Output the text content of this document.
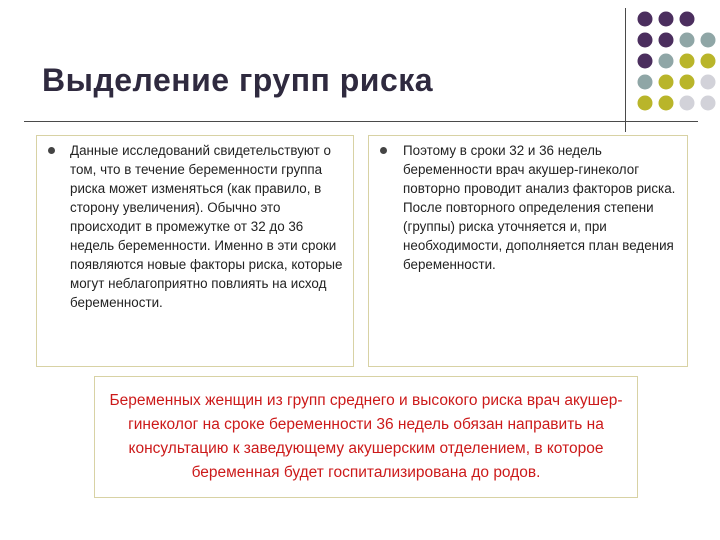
Выделение групп риска

Данные исследований свидетельствуют о том, что в течение беременности группа риска может изменяться (как правило, в сторону увеличения). Обычно это происходит в промежутке от 32 до 36 недель беременности. Именно в эти сроки появляются новые факторы риска, которые могут неблагоприятно повлиять на исход беременности.

Поэтому в сроки 32 и 36 недель беременности врач акушер-гинеколог повторно проводит анализ факторов риска. После повторного определения степени (группы) риска уточняется и, при необходимости, дополняется план ведения беременности.

Беременных женщин из групп среднего и высокого риска врач акушер-гинеколог на сроке беременности 36 недель обязан направить на консультацию к заведующему акушерским отделением, в которое беременная будет госпитализирована до родов.
